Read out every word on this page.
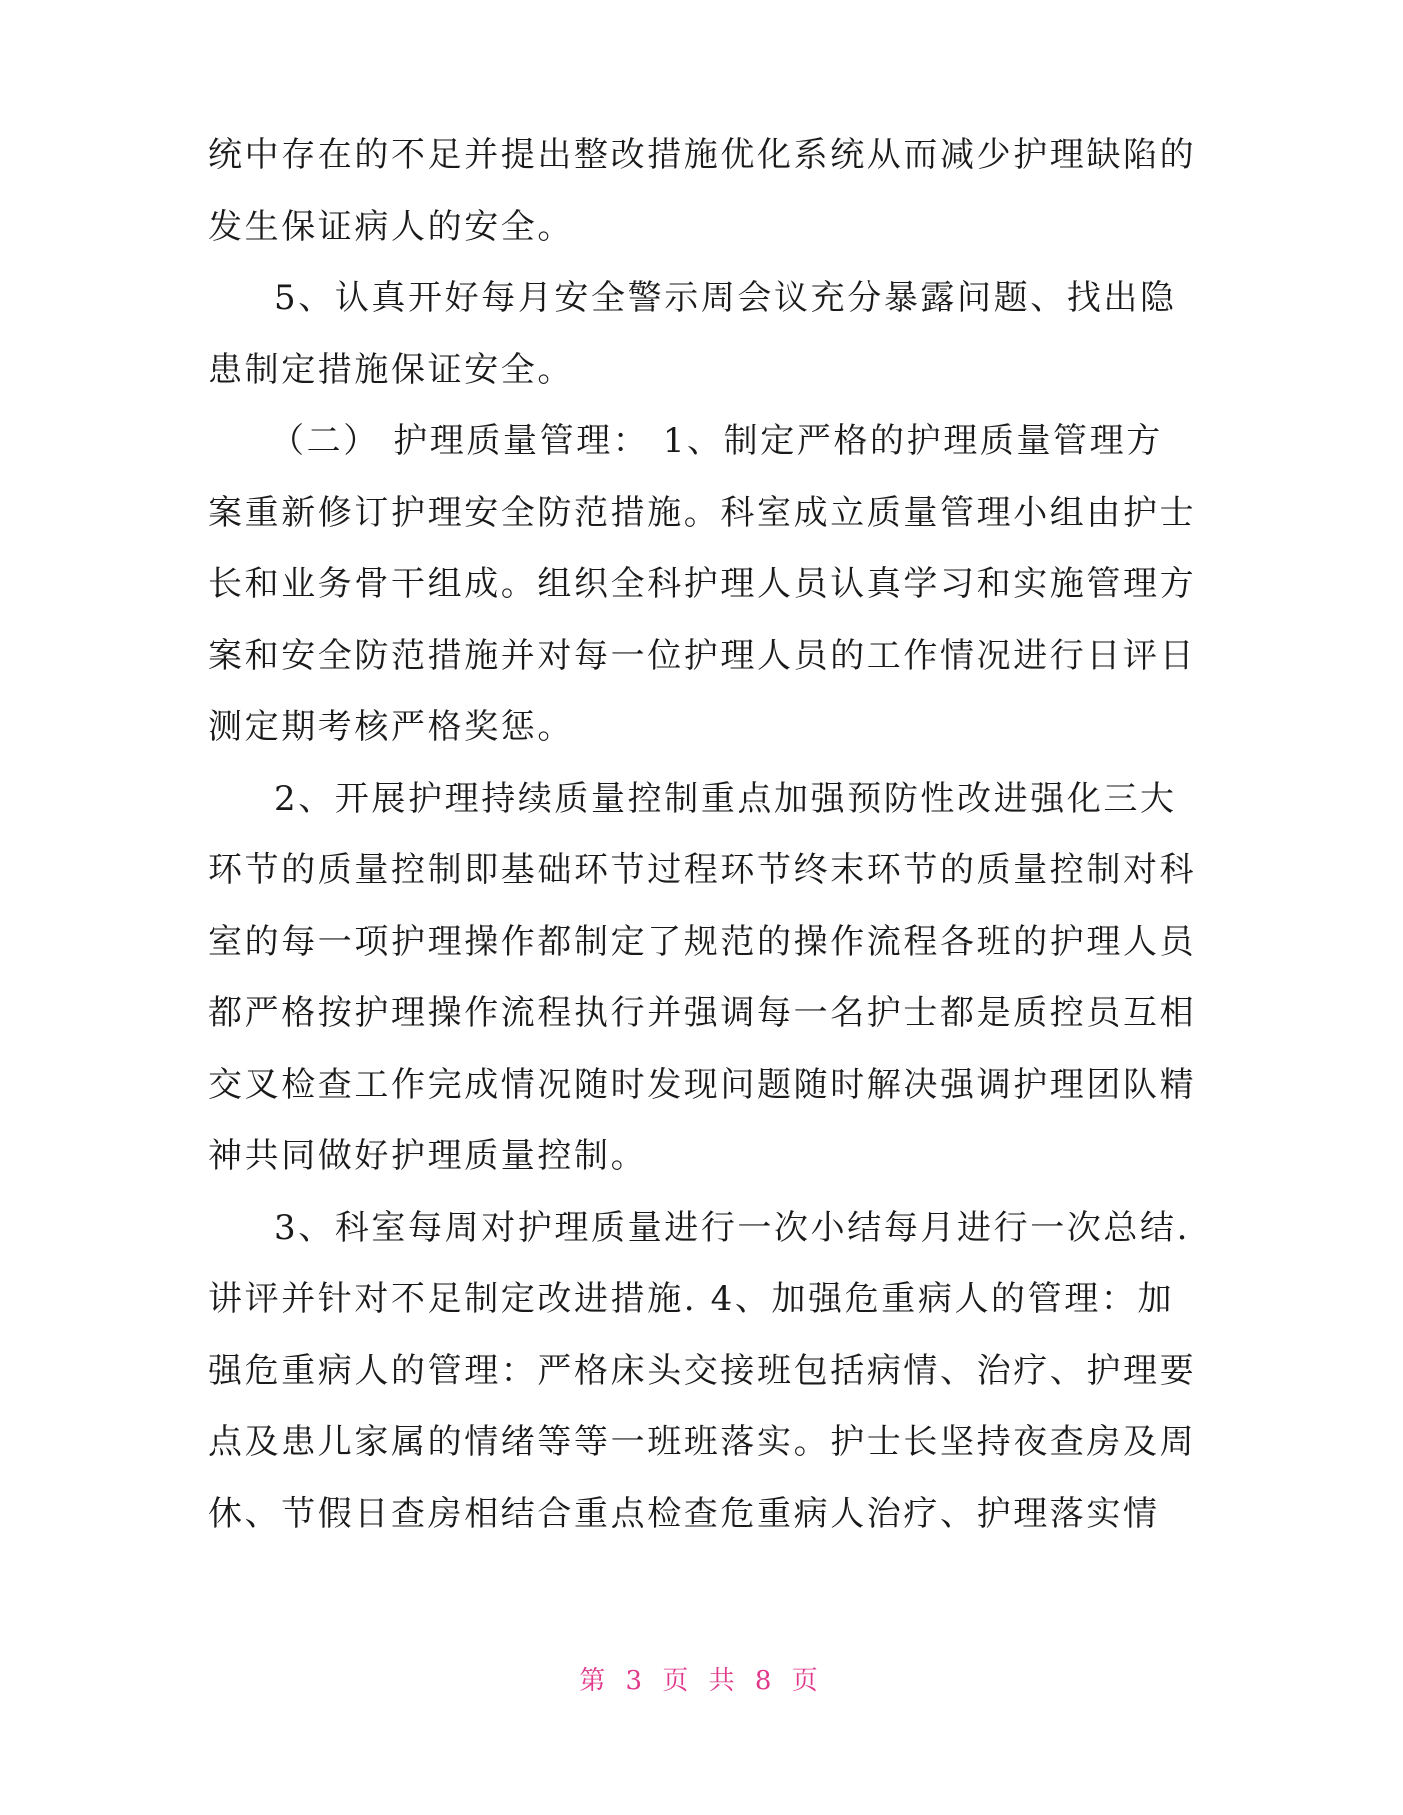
统中存在的不足并提出整改措施优化系统从而减少护理缺陷的
发生保证病人的安全。
5、认真开好每月安全警示周会议充分暴露问题、找出隐
患制定措施保证安全。
（二） 护理质量管理： 1、制定严格的护理质量管理方
案重新修订护理安全防范措施。科室成立质量管理小组由护士
长和业务骨干组成。组织全科护理人员认真学习和实施管理方
案和安全防范措施并对每一位护理人员的工作情况进行日评日
测定期考核严格奖惩。
2、开展护理持续质量控制重点加强预防性改进强化三大
环节的质量控制即基础环节过程环节终末环节的质量控制对科
室的每一项护理操作都制定了规范的操作流程各班的护理人员
都严格按护理操作流程执行并强调每一名护士都是质控员互相
交叉检查工作完成情况随时发现问题随时解决强调护理团队精
神共同做好护理质量控制。
3、科室每周对护理质量进行一次小结每月进行一次总结.
讲评并针对不足制定改进措施. 4、加强危重病人的管理：加
强危重病人的管理：严格床头交接班包括病情、治疗、护理要
点及患儿家属的情绪等等一班班落实。护士长坚持夜查房及周
休、节假日查房相结合重点检查危重病人治疗、护理落实情
第 3 页 共 8 页
